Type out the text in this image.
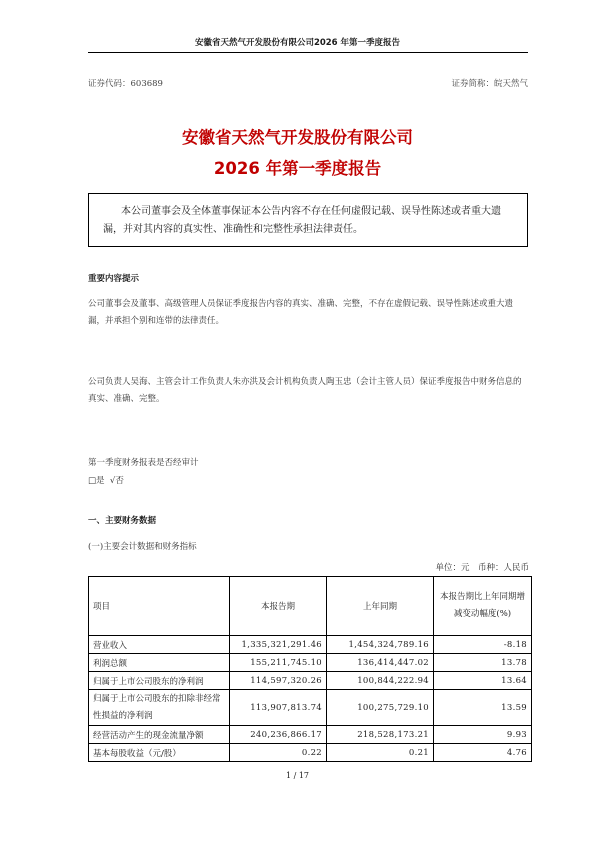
安徽省天然气开发股份有限公司2026 年第一季度报告
证券代码：603689	证券简称：皖天然气
安徽省天然气开发股份有限公司
2026 年第一季度报告

本公司董事会及全体董事保证本公告内容不存在任何虚假记载、误导性陈述或者重大遗漏，并对其内容的真实性、准确性和完整性承担法律责任。

重要内容提示

公司董事会及董事、高级管理人员保证季度报告内容的真实、准确、完整，不存在虚假记载、误导性陈述或重大遗漏，并承担个别和连带的法律责任。

公司负责人吴海、主管会计工作负责人朱亦洪及会计机构负责人陶玉忠（会计主管人员）保证季度报告中财务信息的真实、准确、完整。

第一季度财务报表是否经审计
□是  √否
一、主要财务数据
(一)主要会计数据和财务指标
单位：元　币种：人民币
项目	本报告期	上年同期	本报告期比上年同期增减变动幅度(%)
营业收入	1,335,321,291.46	1,454,324,789.16	-8.18
利润总额	155,211,745.10	136,414,447.02	13.78
归属于上市公司股东的净利润	114,597,320.26	100,844,222.94	13.64
归属于上市公司股东的扣除非经常性损益的净利润	113,907,813.74	100,275,729.10	13.59
经营活动产生的现金流量净额	240,236,866.17	218,528,173.21	9.93
基本每股收益（元/股）	0.22	0.21	4.76
1 / 17
